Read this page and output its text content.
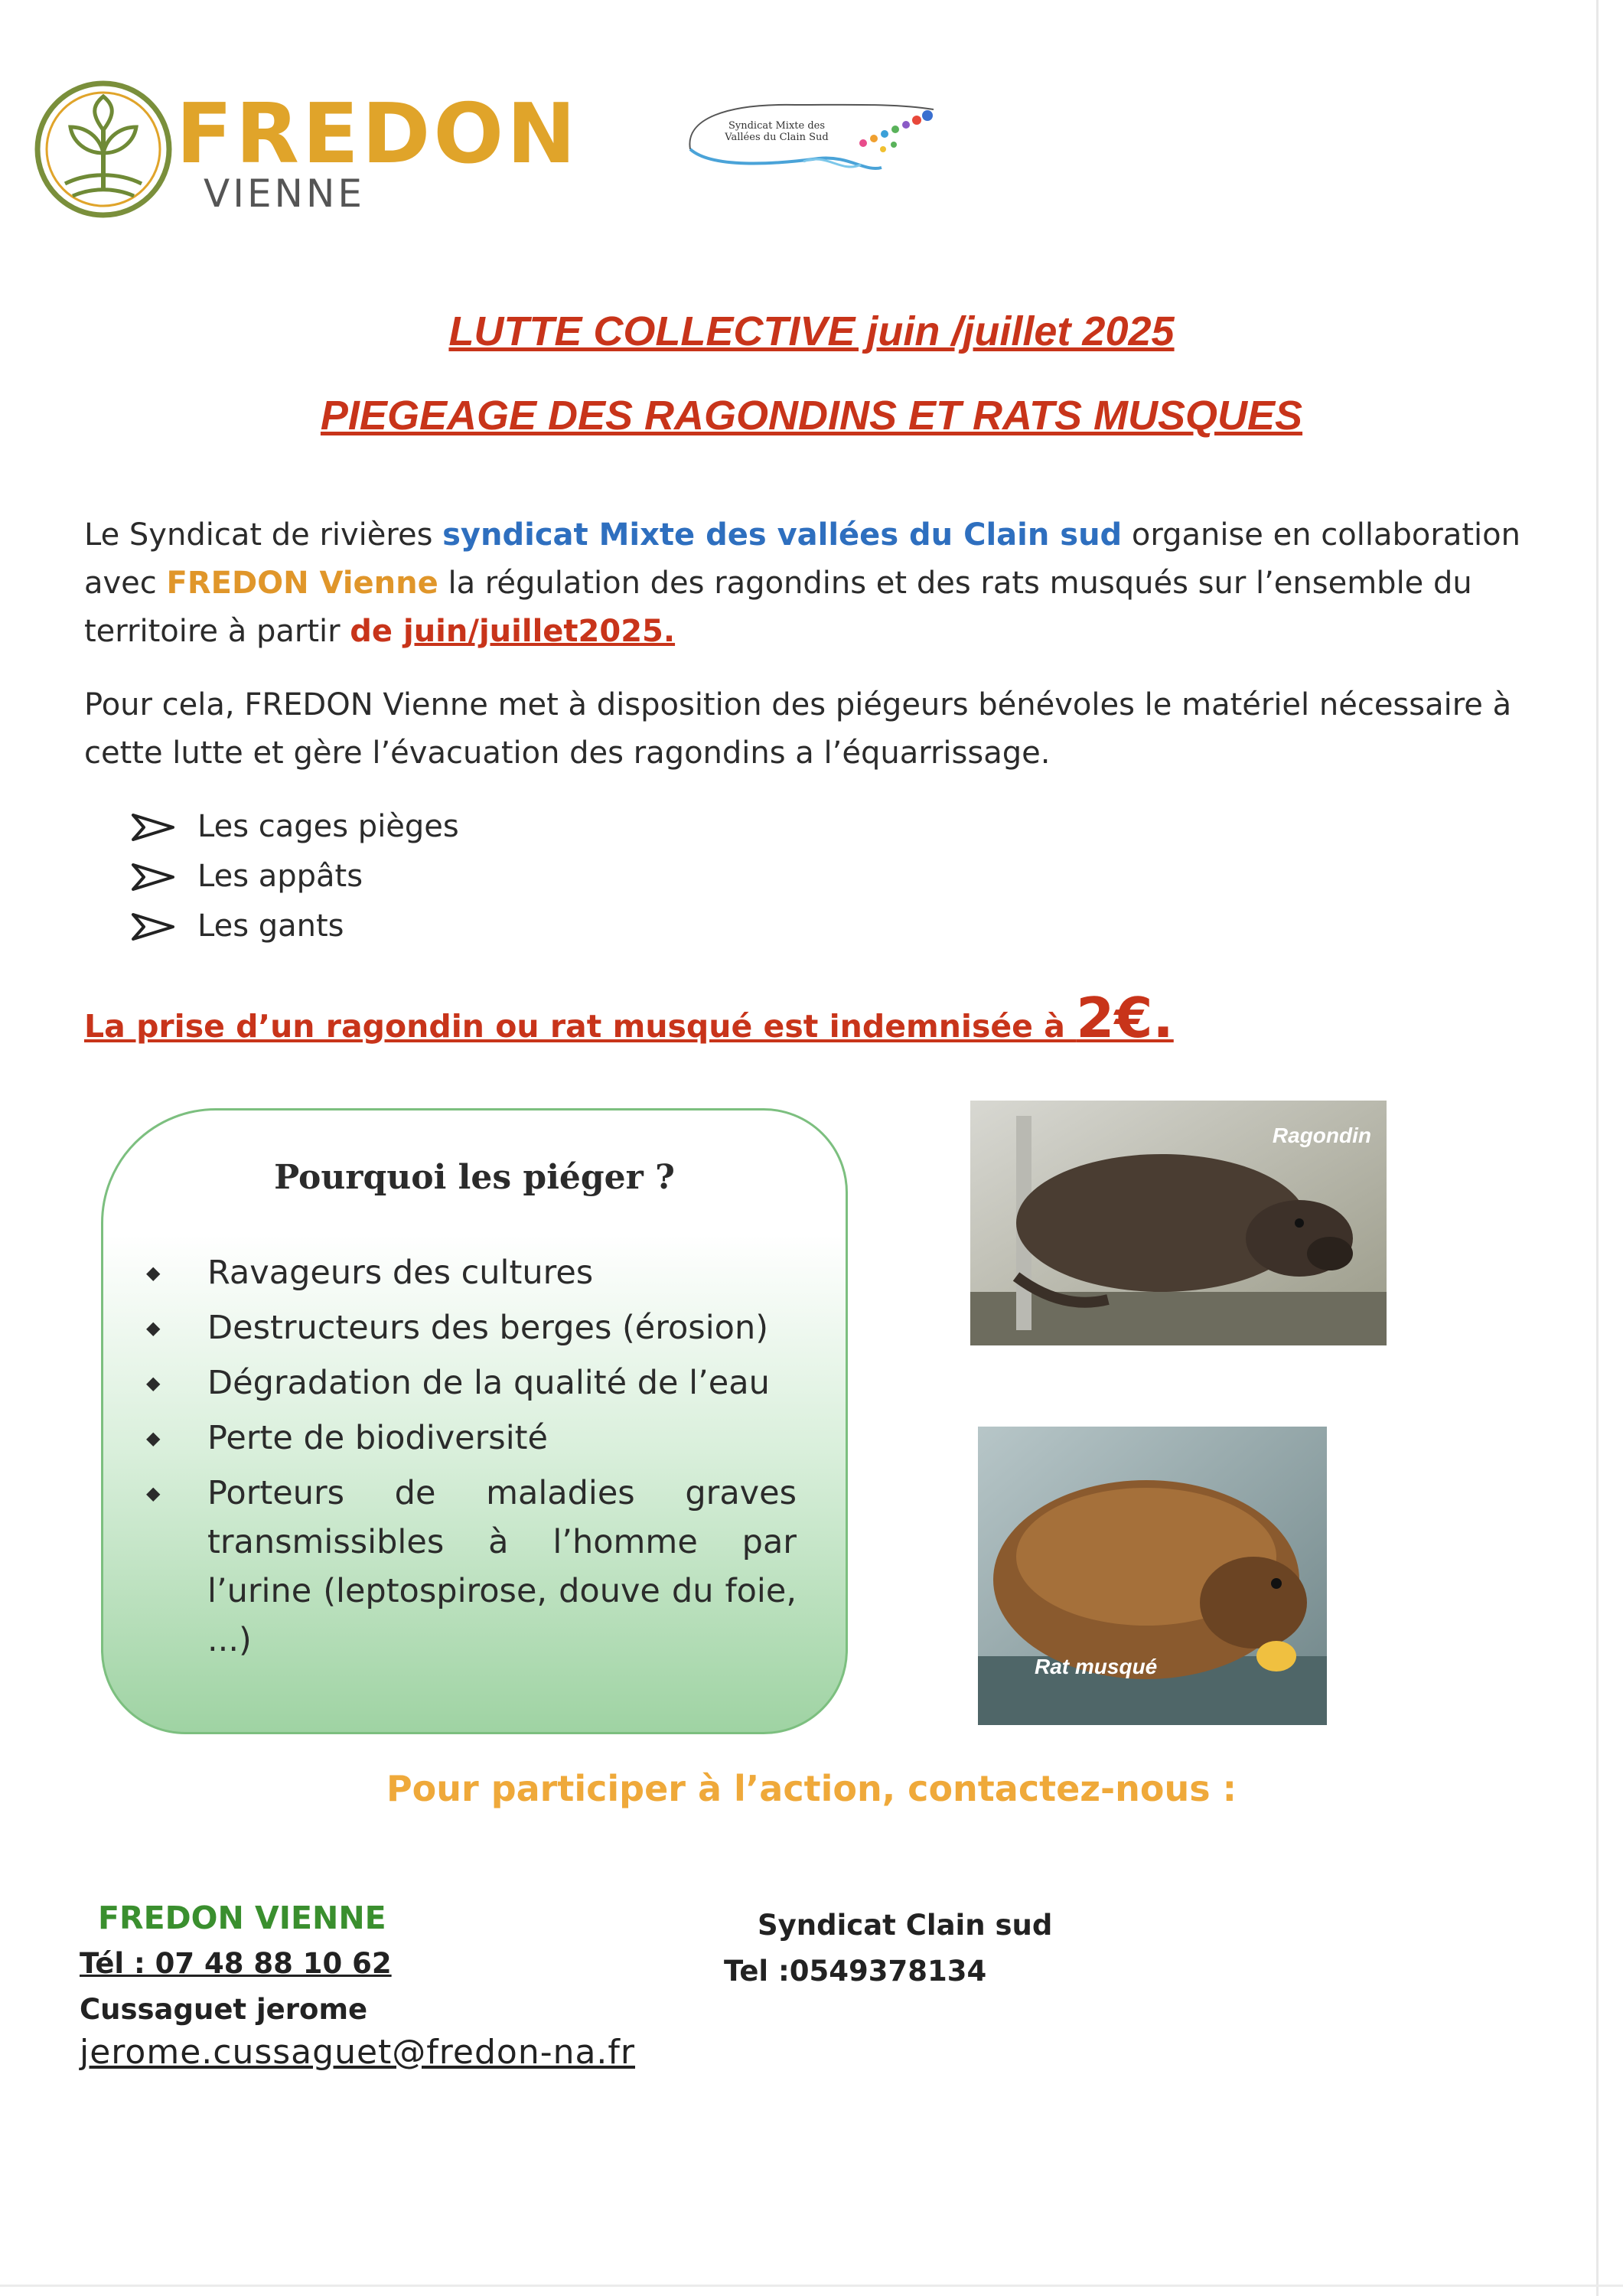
FREDON
VIENNE
Syndicat Mixte des Vallées du Clain Sud
LUTTE COLLECTIVE juin /juillet 2025
PIEGEAGE DES RAGONDINS ET RATS MUSQUES
Le Syndicat de rivières syndicat Mixte des vallées du Clain sud organise en collaboration avec FREDON Vienne la régulation des ragondins et des rats musqués sur l’ensemble du territoire à partir de juin/juillet2025.
Pour cela, FREDON Vienne met à disposition des piégeurs bénévoles le matériel nécessaire à cette lutte et gère l’évacuation des ragondins a l’équarrissage.
Les cages pièges
Les appâts
Les gants
La prise d’un ragondin ou rat musqué est indemnisée à 2€.
Pourquoi les piéger ?
◆	Ravageurs des cultures
◆	Destructeurs des berges (érosion)
◆	Dégradation de la qualité de l’eau
◆	Perte de biodiversité
◆	Porteurs de maladies graves transmissibles à l’homme par l’urine (leptospirose, douve du foie, ...)
Ragondin
Rat musqué
Pour participer à l’action, contactez-nous :
FREDON VIENNE
Tél : 07 48 88 10 62
Cussaguet jerome
jerome.cussaguet@fredon-na.fr
Syndicat Clain sud
Tel :0549378134
